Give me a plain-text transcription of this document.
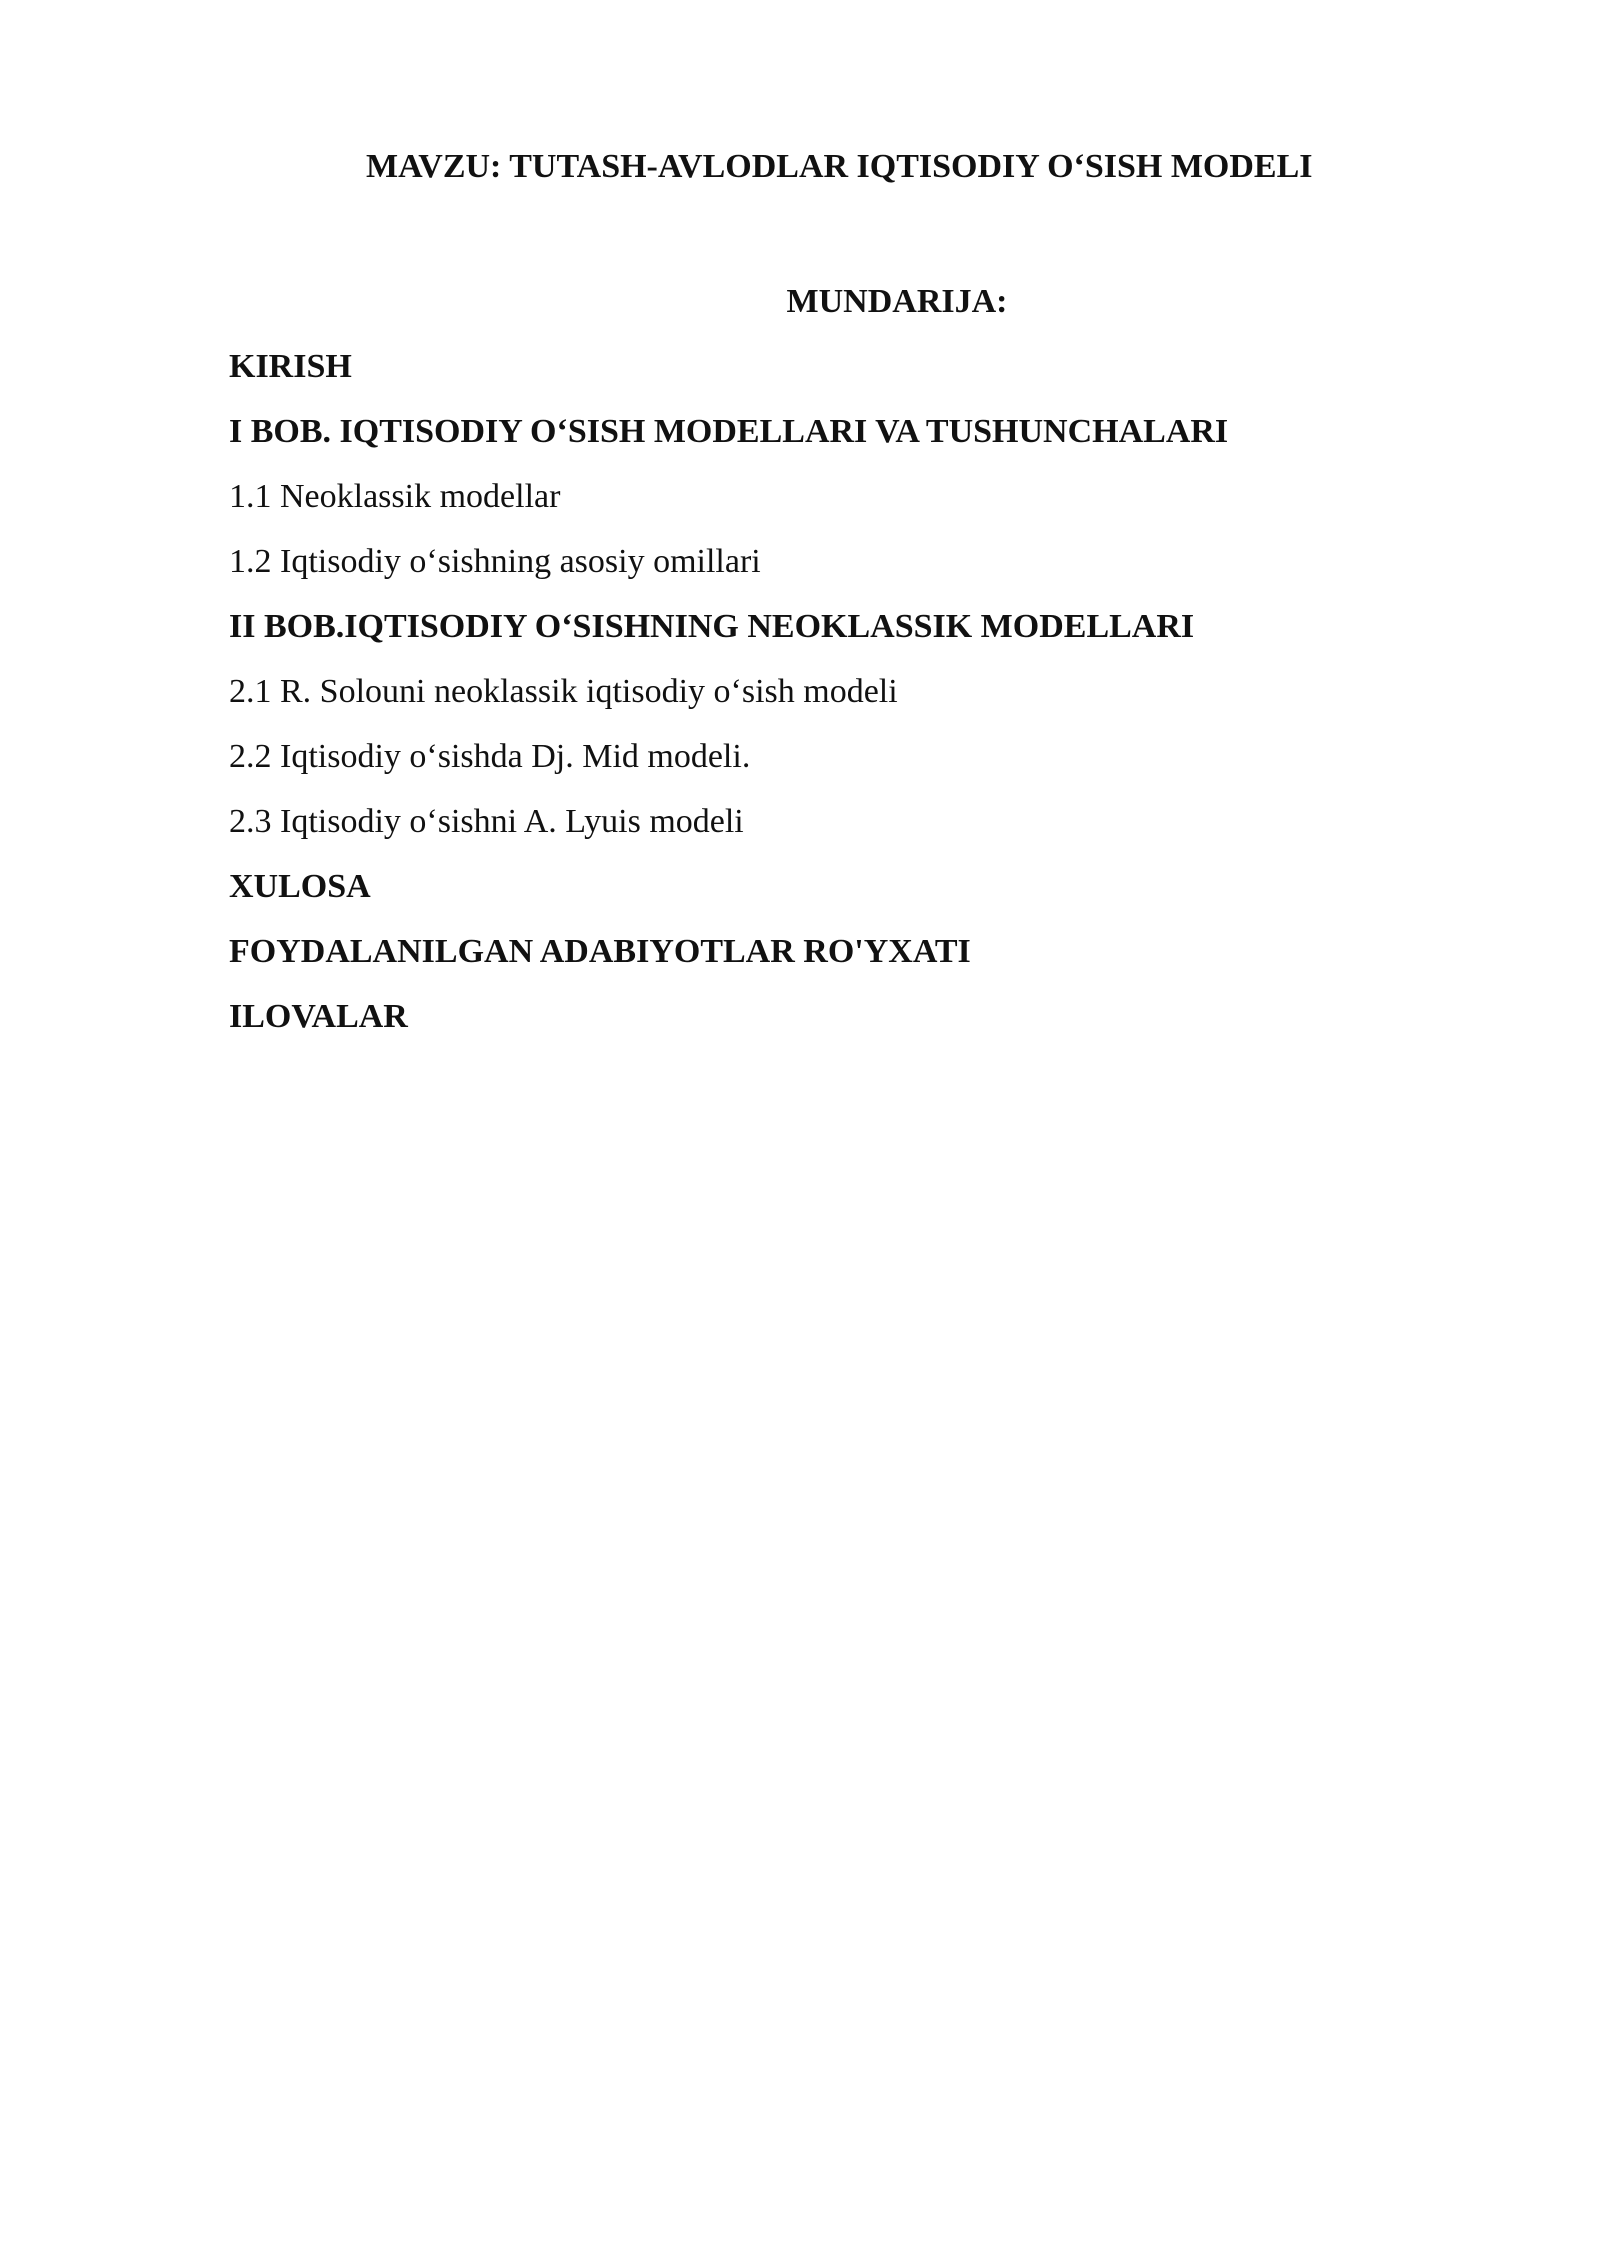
MAVZU: TUTASH-AVLODLAR IQTISODIY O‘SISH MODELI
MUNDARIJA:
KIRISH
I BOB. IQTISODIY O‘SISH MODELLARI VA TUSHUNCHALARI
1.1 Neoklassik modellar
1.2 Iqtisodiy o‘sishning asosiy omillari
II BOB.IQTISODIY O‘SISHNING NEOKLASSIK MODELLARI
2.1 R. Solouni neoklassik iqtisodiy o‘sish modeli
2.2 Iqtisodiy o‘sishda Dj. Mid modeli.
2.3 Iqtisodiy o‘sishni A. Lyuis modeli
XULOSA
FOYDALANILGAN ADABIYOTLAR RO'YXATI
ILOVALAR
